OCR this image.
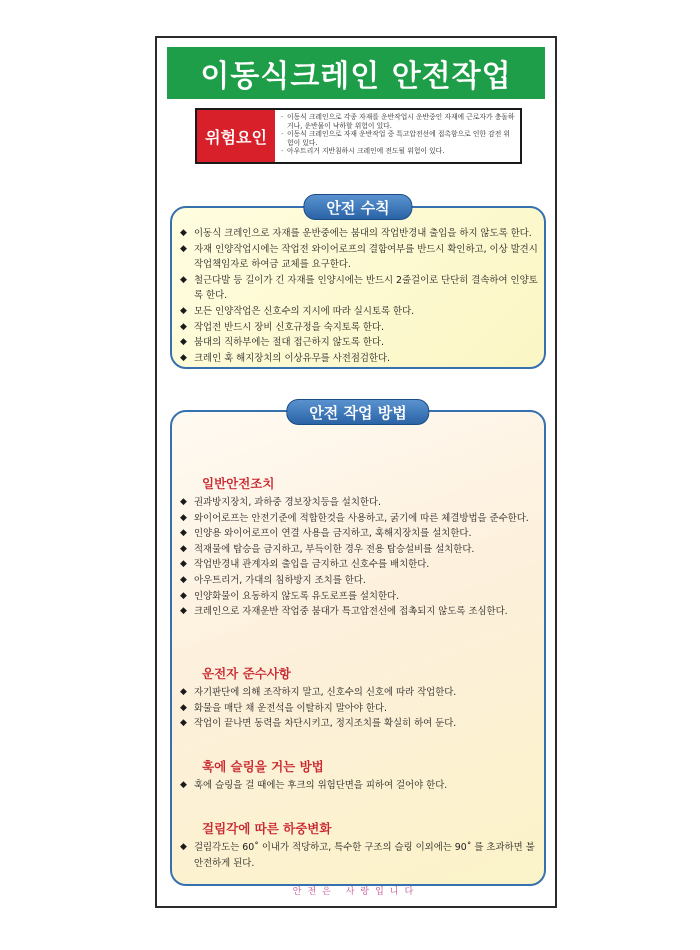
이동식크레인 안전작업
위험요인
· 이동식 크레인으로 각종 자재를 운반작업시 운반중인 자재에 근로자가 충돌하거나, 운반물이 낙하할 위험이 있다.
· 이동식 크레인으로 자재 운반작업 중 특고압전선에 접촉함으로 인한 감전 위험이 있다.
· 아우트리거 지반침하시 크레인에 전도될 위험이 있다.
안전 수칙
◆ 이동식 크레인으로 자재를 운반중에는 붐대의 작업반경내 출입을 하지 않도록 한다.
◆ 자재 인양작업시에는 작업전 와이어로프의 결함여부를 반드시 확인하고, 이상 발견시 작업책임자로 하여금 교체를 요구한다.
◆ 철근다발 등 길이가 긴 자재를 인양시에는 반드시 2줄걸이로 단단히 결속하여 인양토록 한다.
◆ 모든 인양작업은 신호수의 지시에 따라 실시토록 한다.
◆ 작업전 반드시 장비 신호규정을 숙지토록 한다.
◆ 붐대의 직하부에는 절대 접근하지 않도록 한다.
◆ 크레인 훅 해지장치의 이상유무를 사전점검한다.
안전 작업 방법
일반안전조치
◆ 권과방지장치, 과하중 경보장치등을 설치한다.
◆ 와이어로프는 안전기준에 적합한것을 사용하고, 굵기에 따른 체결방법을 준수한다.
◆ 인양용 와이어로프이 연결 사용을 금지하고, 훅해지장치를 설치한다.
◆ 적재물에 탑승을 금지하고, 부득이한 경우 전용 탑승설비를 설치한다.
◆ 작업반경내 관계자외 출입을 금지하고 신호수를 배치한다.
◆ 아우트리거, 가대의 침하방지 조치를 한다.
◆ 인양화물이 요동하지 않도록 유도로프를 설치한다.
◆ 크레인으로 자재운반 작업중 붐대가 특고압전선에 접촉되지 않도록 조심한다.
운전자 준수사항
◆ 자기판단에 의해 조작하지 말고, 신호수의 신호에 따라 작업한다.
◆ 화물을 매단 채 운전석을 이탈하지 말아야 한다.
◆ 작업이 끝나면 동력을 차단시키고, 정지조치를 확실히 하여 둔다.
훅에 슬링을 거는 방법
◆ 훅에 슬링을 걸 때에는 후크의 위험단면을 피하여 걸어야 한다.
걸림각에 따른 하중변화
◆ 걸림각도는 60˚ 이내가 적당하고, 특수한 구조의 슬링 이외에는 90˚ 를 초과하면 불안전하게 된다.
안전은 사랑입니다
